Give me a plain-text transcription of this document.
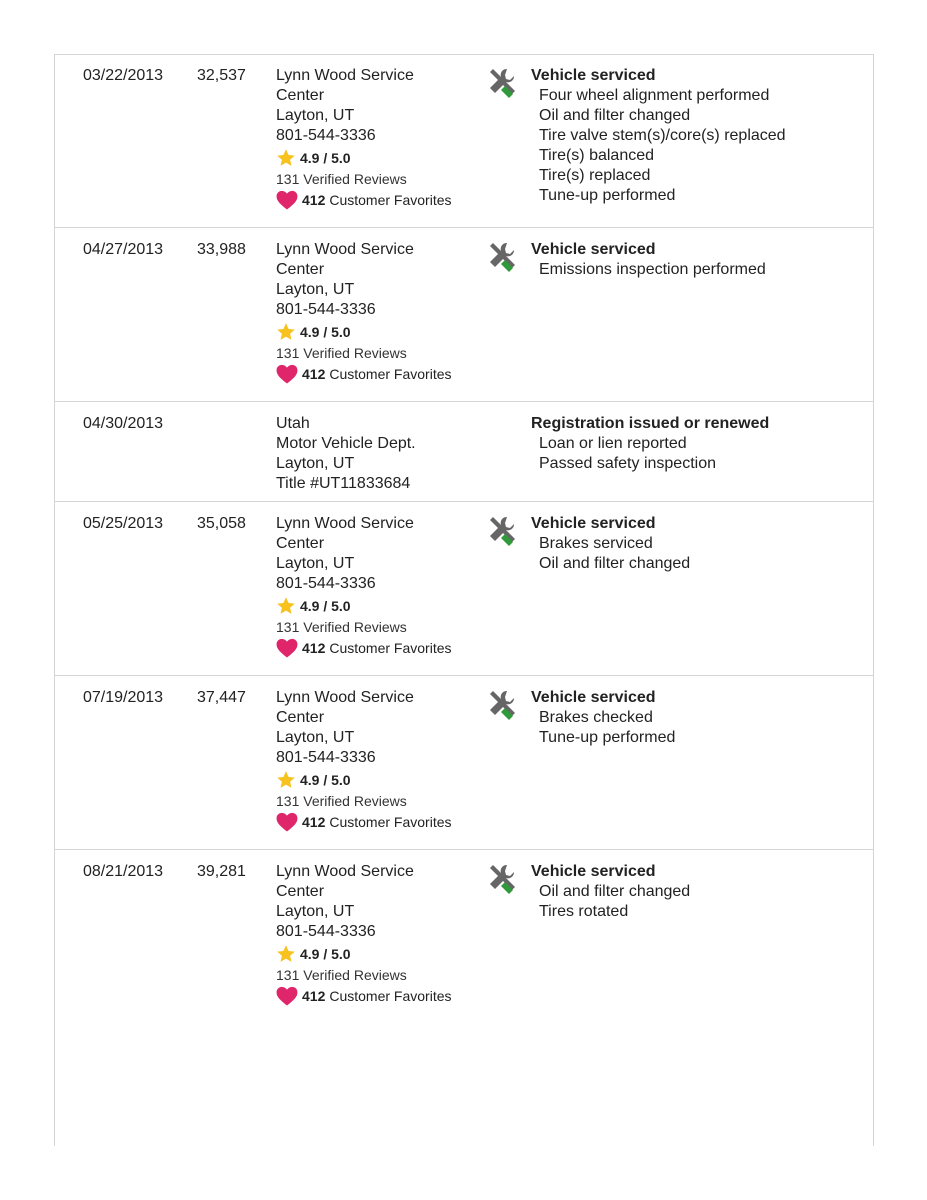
03/22/2013 32,537 Lynn Wood Service
Center
Layton, UT
801-544-3336
4.9 / 5.0
131 Verified Reviews
412 Customer Favorites
Vehicle serviced
Four wheel alignment performed
Oil and filter changed
Tire valve stem(s)/core(s) replaced
Tire(s) balanced
Tire(s) replaced
Tune-up performed
04/27/2013 33,988 Lynn Wood Service
Center
Layton, UT
801-544-3336
4.9 / 5.0
131 Verified Reviews
412 Customer Favorites
Vehicle serviced
Emissions inspection performed
04/30/2013	Utah
Motor Vehicle Dept.
Layton, UT
Title #UT11833684
Registration issued or renewed
Loan or lien reported
Passed safety inspection
05/25/2013 35,058 Lynn Wood Service
Center
Layton, UT
801-544-3336
4.9 / 5.0
131 Verified Reviews
412 Customer Favorites
Vehicle serviced
Brakes serviced
Oil and filter changed
07/19/2013 37,447 Lynn Wood Service
Center
Layton, UT
801-544-3336
4.9 / 5.0
131 Verified Reviews
412 Customer Favorites
Vehicle serviced
Brakes checked
Tune-up performed
08/21/2013 39,281 Lynn Wood Service
Center
Layton, UT
801-544-3336
4.9 / 5.0
131 Verified Reviews
412 Customer Favorites
Vehicle serviced
Oil and filter changed
Tires rotated
